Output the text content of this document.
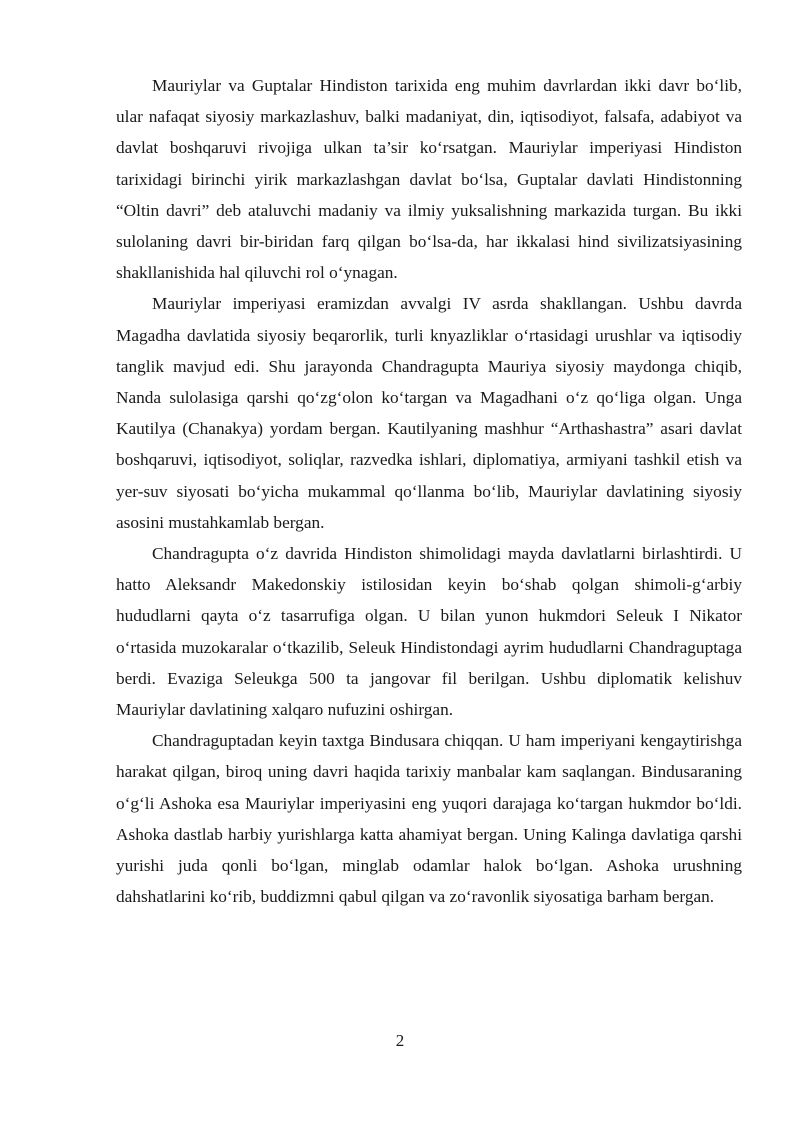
Mauriylar va Guptalar Hindiston tarixida eng muhim davrlardan ikki davr bo‘lib, ular nafaqat siyosiy markazlashuv, balki madaniyat, din, iqtisodiyot, falsafa, adabiyot va davlat boshqaruvi rivojiga ulkan ta’sir ko‘rsatgan. Mauriylar imperiyasi Hindiston tarixidagi birinchi yirik markazlashgan davlat bo‘lsa, Guptalar davlati Hindistonning “Oltin davri” deb ataluvchi madaniy va ilmiy yuksalishning markazida turgan. Bu ikki sulolaning davri bir-biridan farq qilgan bo‘lsa-da, har ikkalasi hind sivilizatsiyasining shakllanishida hal qiluvchi rol o‘ynagan.

Mauriylar imperiyasi eramizdan avvalgi IV asrda shakllangan. Ushbu davrda Magadha davlatida siyosiy beqarorlik, turli knyazliklar o‘rtasidagi urushlar va iqtisodiy tanglik mavjud edi. Shu jarayonda Chandragupta Mauriya siyosiy maydonga chiqib, Nanda sulolasiga qarshi qo‘zg‘olon ko‘targan va Magadhani o‘z qo‘liga olgan. Unga Kautilya (Chanakya) yordam bergan. Kautilyaning mashhur “Arthashastra” asari davlat boshqaruvi, iqtisodiyot, soliqlar, razvedka ishlari, diplomatiya, armiyani tashkil etish va yer-suv siyosati bo‘yicha mukammal qo‘llanma bo‘lib, Mauriylar davlatining siyosiy asosini mustahkamlab bergan.

Chandragupta o‘z davrida Hindiston shimolidagi mayda davlatlarni birlashtirdi. U hatto Aleksandr Makedonskiy istilosidan keyin bo‘shab qolgan shimoli-g‘arbiy hududlarni qayta o‘z tasarrufiga olgan. U bilan yunon hukmdori Seleuk I Nikator o‘rtasida muzokaralar o‘tkazilib, Seleuk Hindistondagi ayrim hududlarni Chandraguptaga berdi. Evaziga Seleukga 500 ta jangovar fil berilgan. Ushbu diplomatik kelishuv Mauriylar davlatining xalqaro nufuzini oshirgan.

Chandraguptadan keyin taxtga Bindusara chiqqan. U ham imperiyani kengaytirishga harakat qilgan, biroq uning davri haqida tarixiy manbalar kam saqlangan. Bindusaraning o‘g‘li Ashoka esa Mauriylar imperiyasini eng yuqori darajaga ko‘targan hukmdor bo‘ldi. Ashoka dastlab harbiy yurishlarga katta ahamiyat bergan. Uning Kalinga davlatiga qarshi yurishi juda qonli bo‘lgan, minglab odamlar halok bo‘lgan. Ashoka urushning dahshatlarini ko‘rib, buddizmni qabul qilgan va zo‘ravonlik siyosatiga barham bergan.

2
